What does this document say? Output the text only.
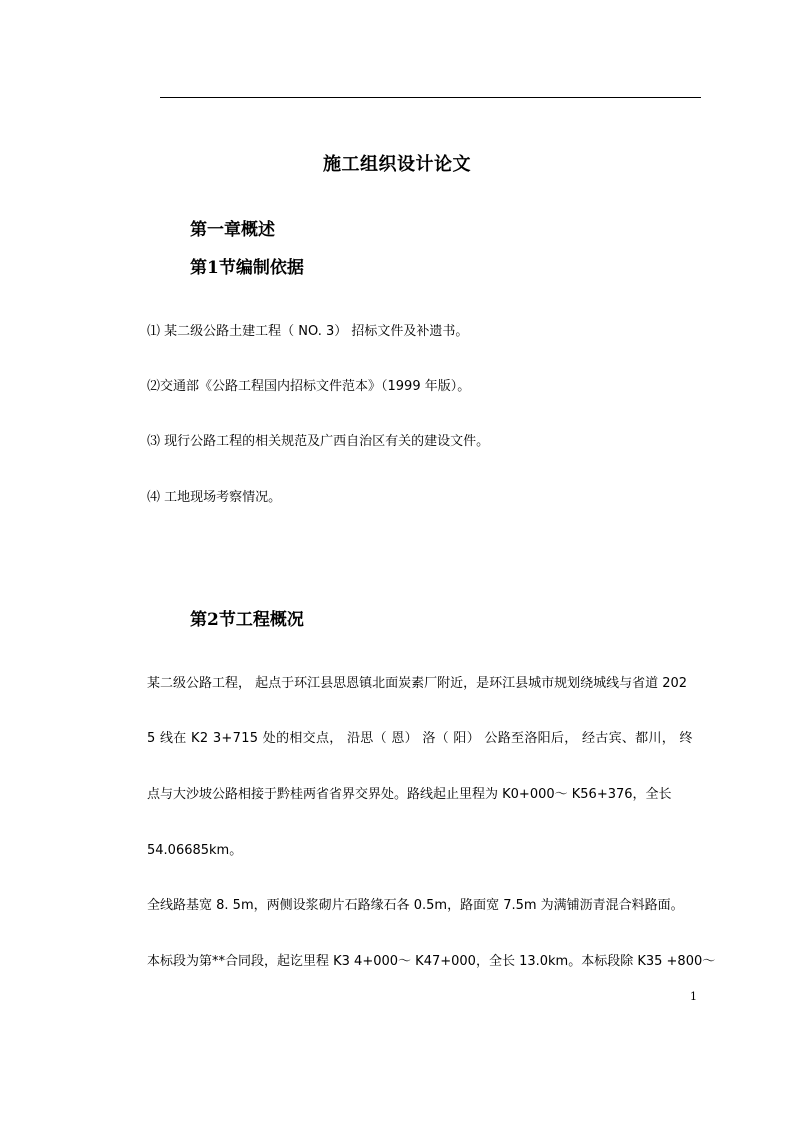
施工组织设计论文
第一章概述
第1节编制依据
⑴ 某二级公路土建工程（ NO. 3） 招标文件及补遗书。
⑵交通部《公路工程国内招标文件范本》（1999 年版）。
⑶ 现行公路工程的相关规范及广西自治区有关的建设文件。
⑷ 工地现场考察情况。
第2节工程概况
某二级公路工程， 起点于环江县思恩镇北面炭素厂附近，是环江县城市规划绕城线与省道 202
5 线在 K2 3+715 处的相交点， 沿思（ 恩） 洛（ 阳） 公路至洛阳后， 经古宾、都川， 终
点与大沙坡公路相接于黔桂两省省界交界处。路线起止里程为 K0+000～ K56+376，全长
54.06685km。
全线路基宽 8. 5m，两侧设浆砌片石路缘石各 0.5m，路面宽 7.5m 为满铺沥青混合料路面。
本标段为第**合同段，起讫里程 K3 4+000～ K47+000，全长 13.0km。本标段除 K35 +800～
1
